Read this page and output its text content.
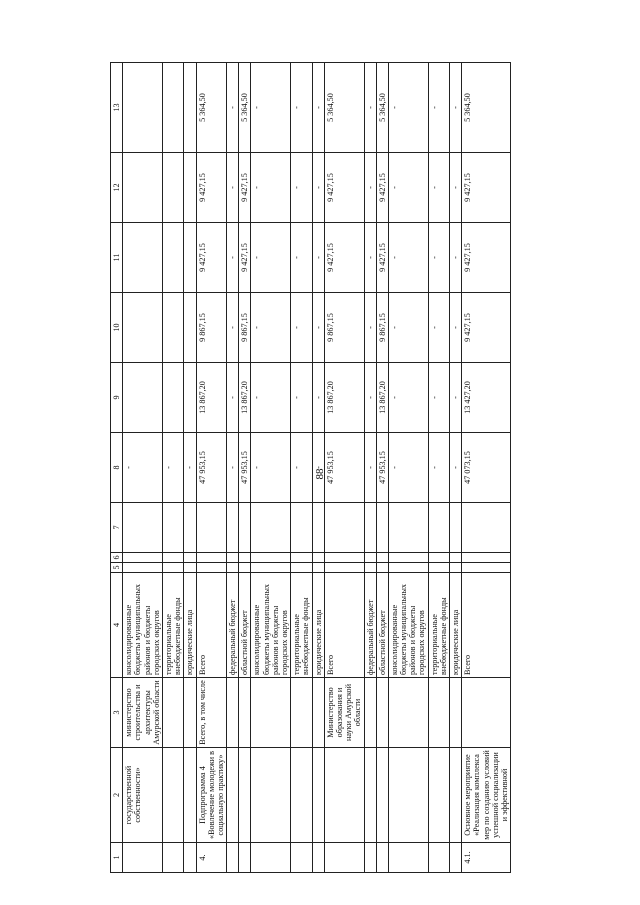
88
1	2	3	4	5	6	7	8	9	10	11	12	13
	государственной собственности»	министерство строительства и архитектуры Амурской области	консолидированные бюджеты муниципальных районов и бюджеты городских округов				-					
			территориальные внебюджетные фонды				-					
			юридические лица				-					
4.	Подпрограмма 4 «Вовлечение молодежи в социальную практику»	Всего, в том числе	Всего				47 953,15	13 867,20	9 867,15	9 427,15	9 427,15	5 364,50
			федеральный бюджет				-	-	-	-	-	-
			областной бюджет				47 953,15	13 867,20	9 867,15	9 427,15	9 427,15	5 364,50
			консолидированные бюджеты муниципальных районов и бюджеты городских округов				-	-	-	-	-	-
			территориальные внебюджетные фонды				-	-	-	-	-	-
			юридические лица				-	-	-	-	-	-
		Министерство образования и науки Амурской области	Всего				47 953,15	13 867,20	9 867,15	9 427,15	9 427,15	5 364,50
			федеральный бюджет				-	-	-	-	-	-
			областной бюджет				47 953,15	13 867,20	9 867,15	9 427,15	9 427,15	5 364,50
			консолидированные бюджеты муниципальных районов и бюджеты городских округов				-	-	-	-	-	-
			территориальные внебюджетные фонды				-	-	-	-	-	-
			юридические лица				-	-	-	-	-	-
4.1.	Основное мероприятие «Реализация комплекса мер по созданию условий успешной социализации и эффективной		Всего				47 073,15	13 427,20	9 427,15	9 427,15	9 427,15	5 364,50
